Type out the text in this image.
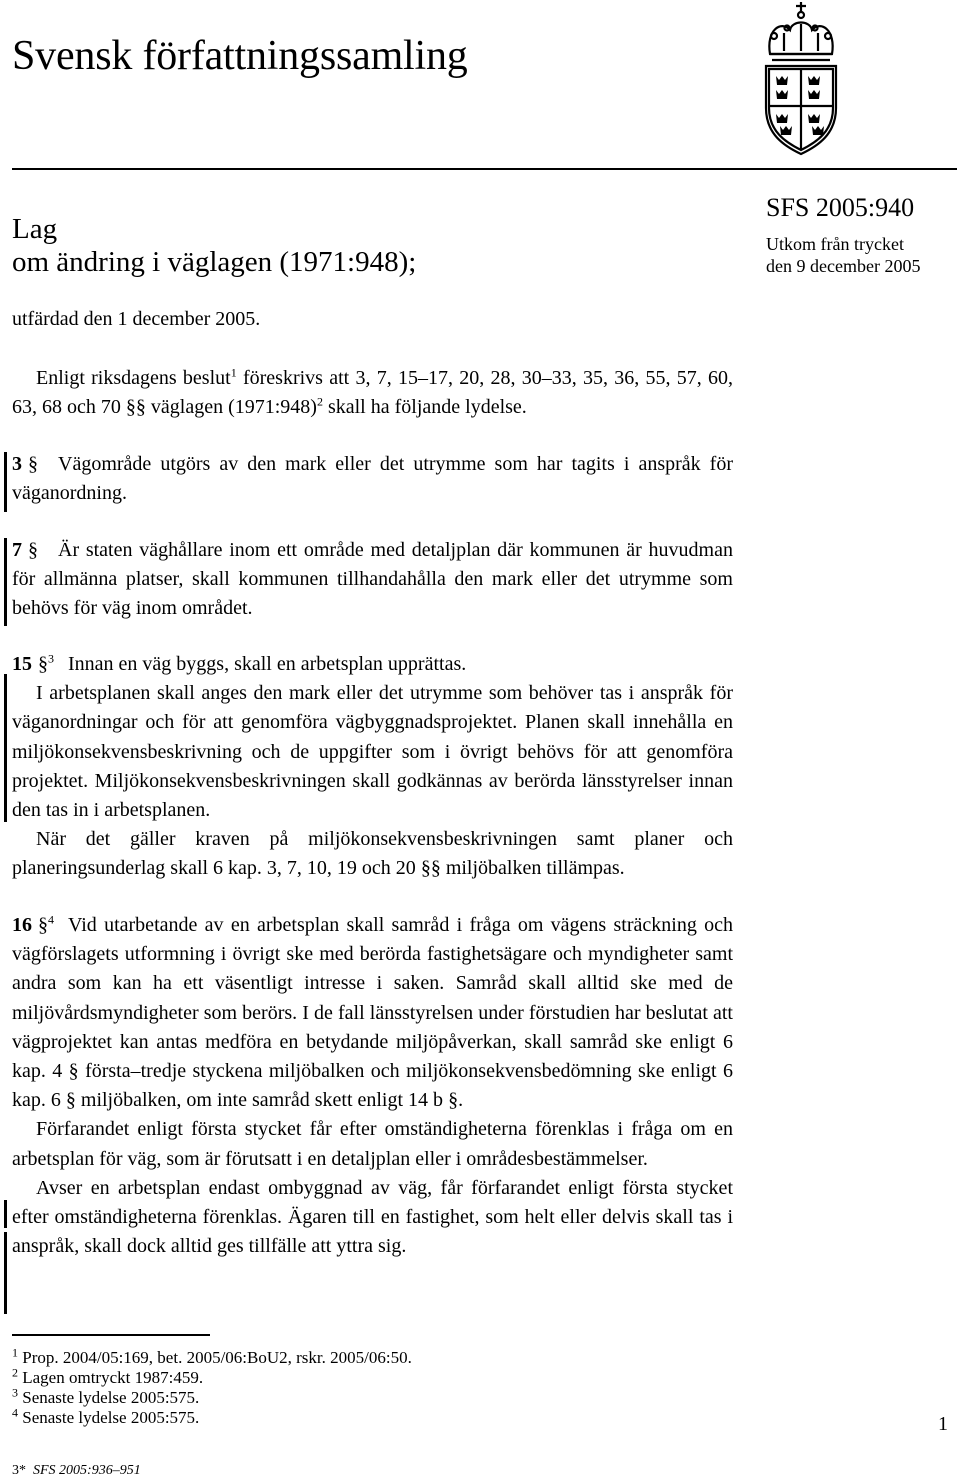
Svensk författningssamling
Lag
om ändring i väglagen (1971:948);
SFS 2005:940
Utkom från trycket
den 9 december 2005
utfärdad den 1 december 2005.

Enligt riksdagens beslut$^1$ föreskrivs att 3, 7, 15–17, 20, 28, 30–33, 35, 36, 55, 57, 60, 63, 68 och 70 §§ väglagen (1971:948)$^2$ skall ha följande lydelse.

3 § Vägområde utgörs av den mark eller det utrymme som har tagits i anspråk för väganordning.

7 § Är staten väghållare inom ett område med detaljplan där kommunen är huvudman för allmänna platser, skall kommunen tillhandahålla den mark eller det utrymme som behövs för väg inom området.

15 §$^3$ Innan en väg byggs, skall en arbetsplan upprättas.

I arbetsplanen skall anges den mark eller det utrymme som behöver tas i anspråk för väganordningar och för att genomföra vägbyggnadsprojektet. Planen skall innehålla en miljökonsekvensbeskrivning och de uppgifter som i övrigt behövs för att genomföra projektet. Miljökonsekvensbeskrivningen skall godkännas av berörda länsstyrelser innan den tas in i arbetsplanen.

När det gäller kraven på miljökonsekvensbeskrivningen samt planer och planeringsunderlag skall 6 kap. 3, 7, 10, 19 och 20 §§ miljöbalken tillämpas.

16 §$^4$ Vid utarbetande av en arbetsplan skall samråd i fråga om vägens sträckning och vägförslagets utformning i övrigt ske med berörda fastighetsägare och myndigheter samt andra som kan ha ett väsentligt intresse i saken. Samråd skall alltid ske med de miljövårdsmyndigheter som berörs. I de fall länsstyrelsen under förstudien har beslutat att vägprojektet kan antas medföra en betydande miljöpåverkan, skall samråd ske enligt 6 kap. 4 § första–tredje styckena miljöbalken och miljökonsekvensbedömning ske enligt 6 kap. 6 § miljöbalken, om inte samråd skett enligt 14 b §.

Förfarandet enligt första stycket får efter omständigheterna förenklas i fråga om en arbetsplan för väg, som är förutsatt i en detaljplan eller i områdesbestämmelser.

Avser en arbetsplan endast ombyggnad av väg, får förfarandet enligt första stycket efter omständigheterna förenklas. Ägaren till en fastighet, som helt eller delvis skall tas i anspråk, skall dock alltid ges tillfälle att yttra sig.

$^1$ Prop. 2004/05:169, bet. 2005/06:BoU2, rskr. 2005/06:50.
$^2$ Lagen omtryckt 1987:459.
$^3$ Senaste lydelse 2005:575.
$^4$ Senaste lydelse 2005:575.	1
3* SFS 2005:936–951
